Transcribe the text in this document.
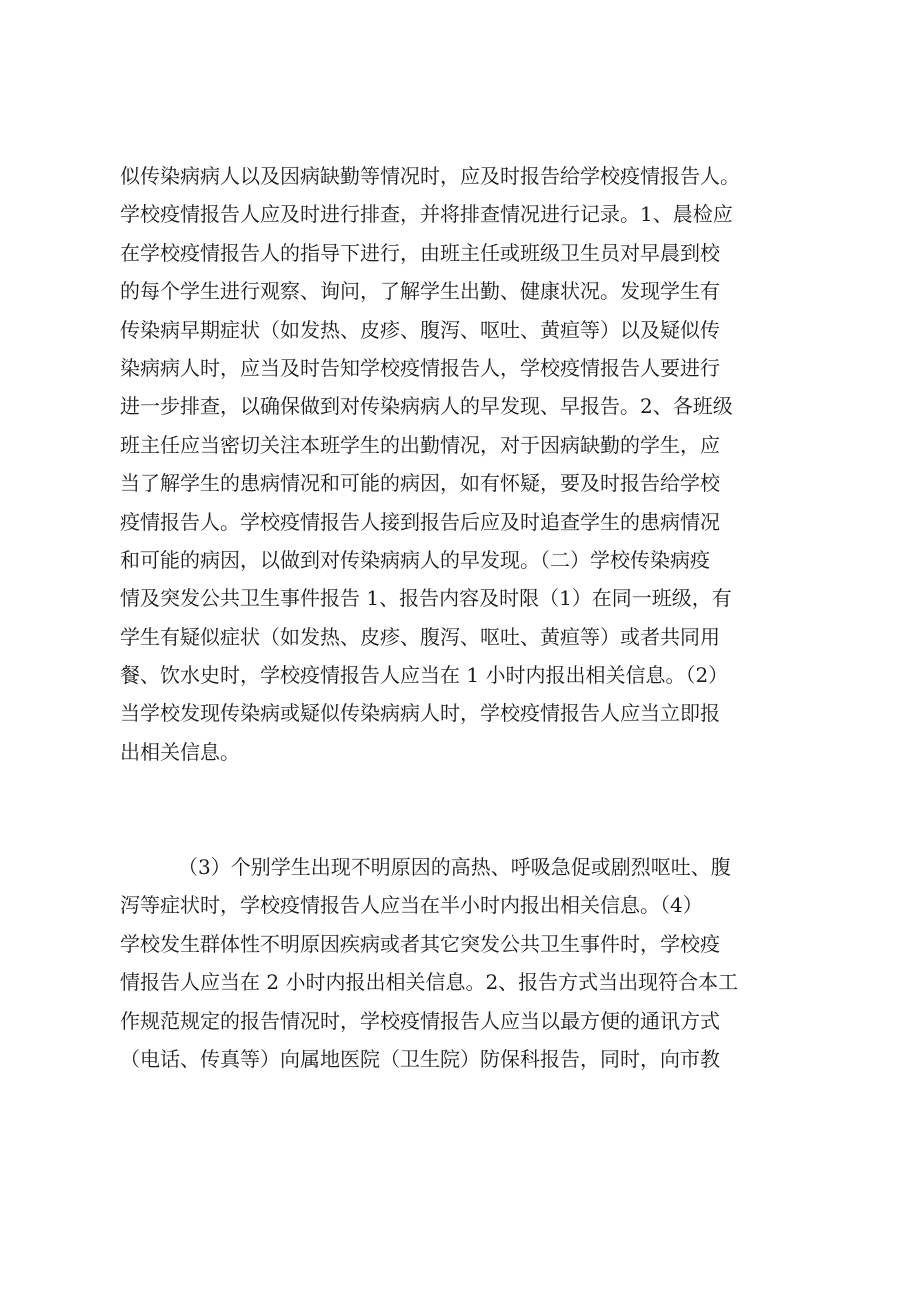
似传染病病人以及因病缺勤等情况时，应及时报告给学校疫情报告人。
学校疫情报告人应及时进行排查，并将排查情况进行记录。1、晨检应
在学校疫情报告人的指导下进行，由班主任或班级卫生员对早晨到校
的每个学生进行观察、询问，了解学生出勤、健康状况。发现学生有
传染病早期症状（如发热、皮疹、腹泻、呕吐、黄疸等）以及疑似传
染病病人时，应当及时告知学校疫情报告人，学校疫情报告人要进行
进一步排查，以确保做到对传染病病人的早发现、早报告。2、各班级
班主任应当密切关注本班学生的出勤情况，对于因病缺勤的学生，应
当了解学生的患病情况和可能的病因，如有怀疑，要及时报告给学校
疫情报告人。学校疫情报告人接到报告后应及时追查学生的患病情况
和可能的病因，以做到对传染病病人的早发现。（二）学校传染病疫
情及突发公共卫生事件报告 1、报告内容及时限（1）在同一班级，有
学生有疑似症状（如发热、皮疹、腹泻、呕吐、黄疸等）或者共同用
餐、饮水史时，学校疫情报告人应当在 1 小时内报出相关信息。（2）
当学校发现传染病或疑似传染病病人时，学校疫情报告人应当立即报
出相关信息。

（3）个别学生出现不明原因的高热、呼吸急促或剧烈呕吐、腹
泻等症状时，学校疫情报告人应当在半小时内报出相关信息。（4）
学校发生群体性不明原因疾病或者其它突发公共卫生事件时，学校疫
情报告人应当在 2 小时内报出相关信息。2、报告方式当出现符合本工
作规范规定的报告情况时，学校疫情报告人应当以最方便的通讯方式
（电话、传真等）向属地医院（卫生院）防保科报告，同时，向市教
